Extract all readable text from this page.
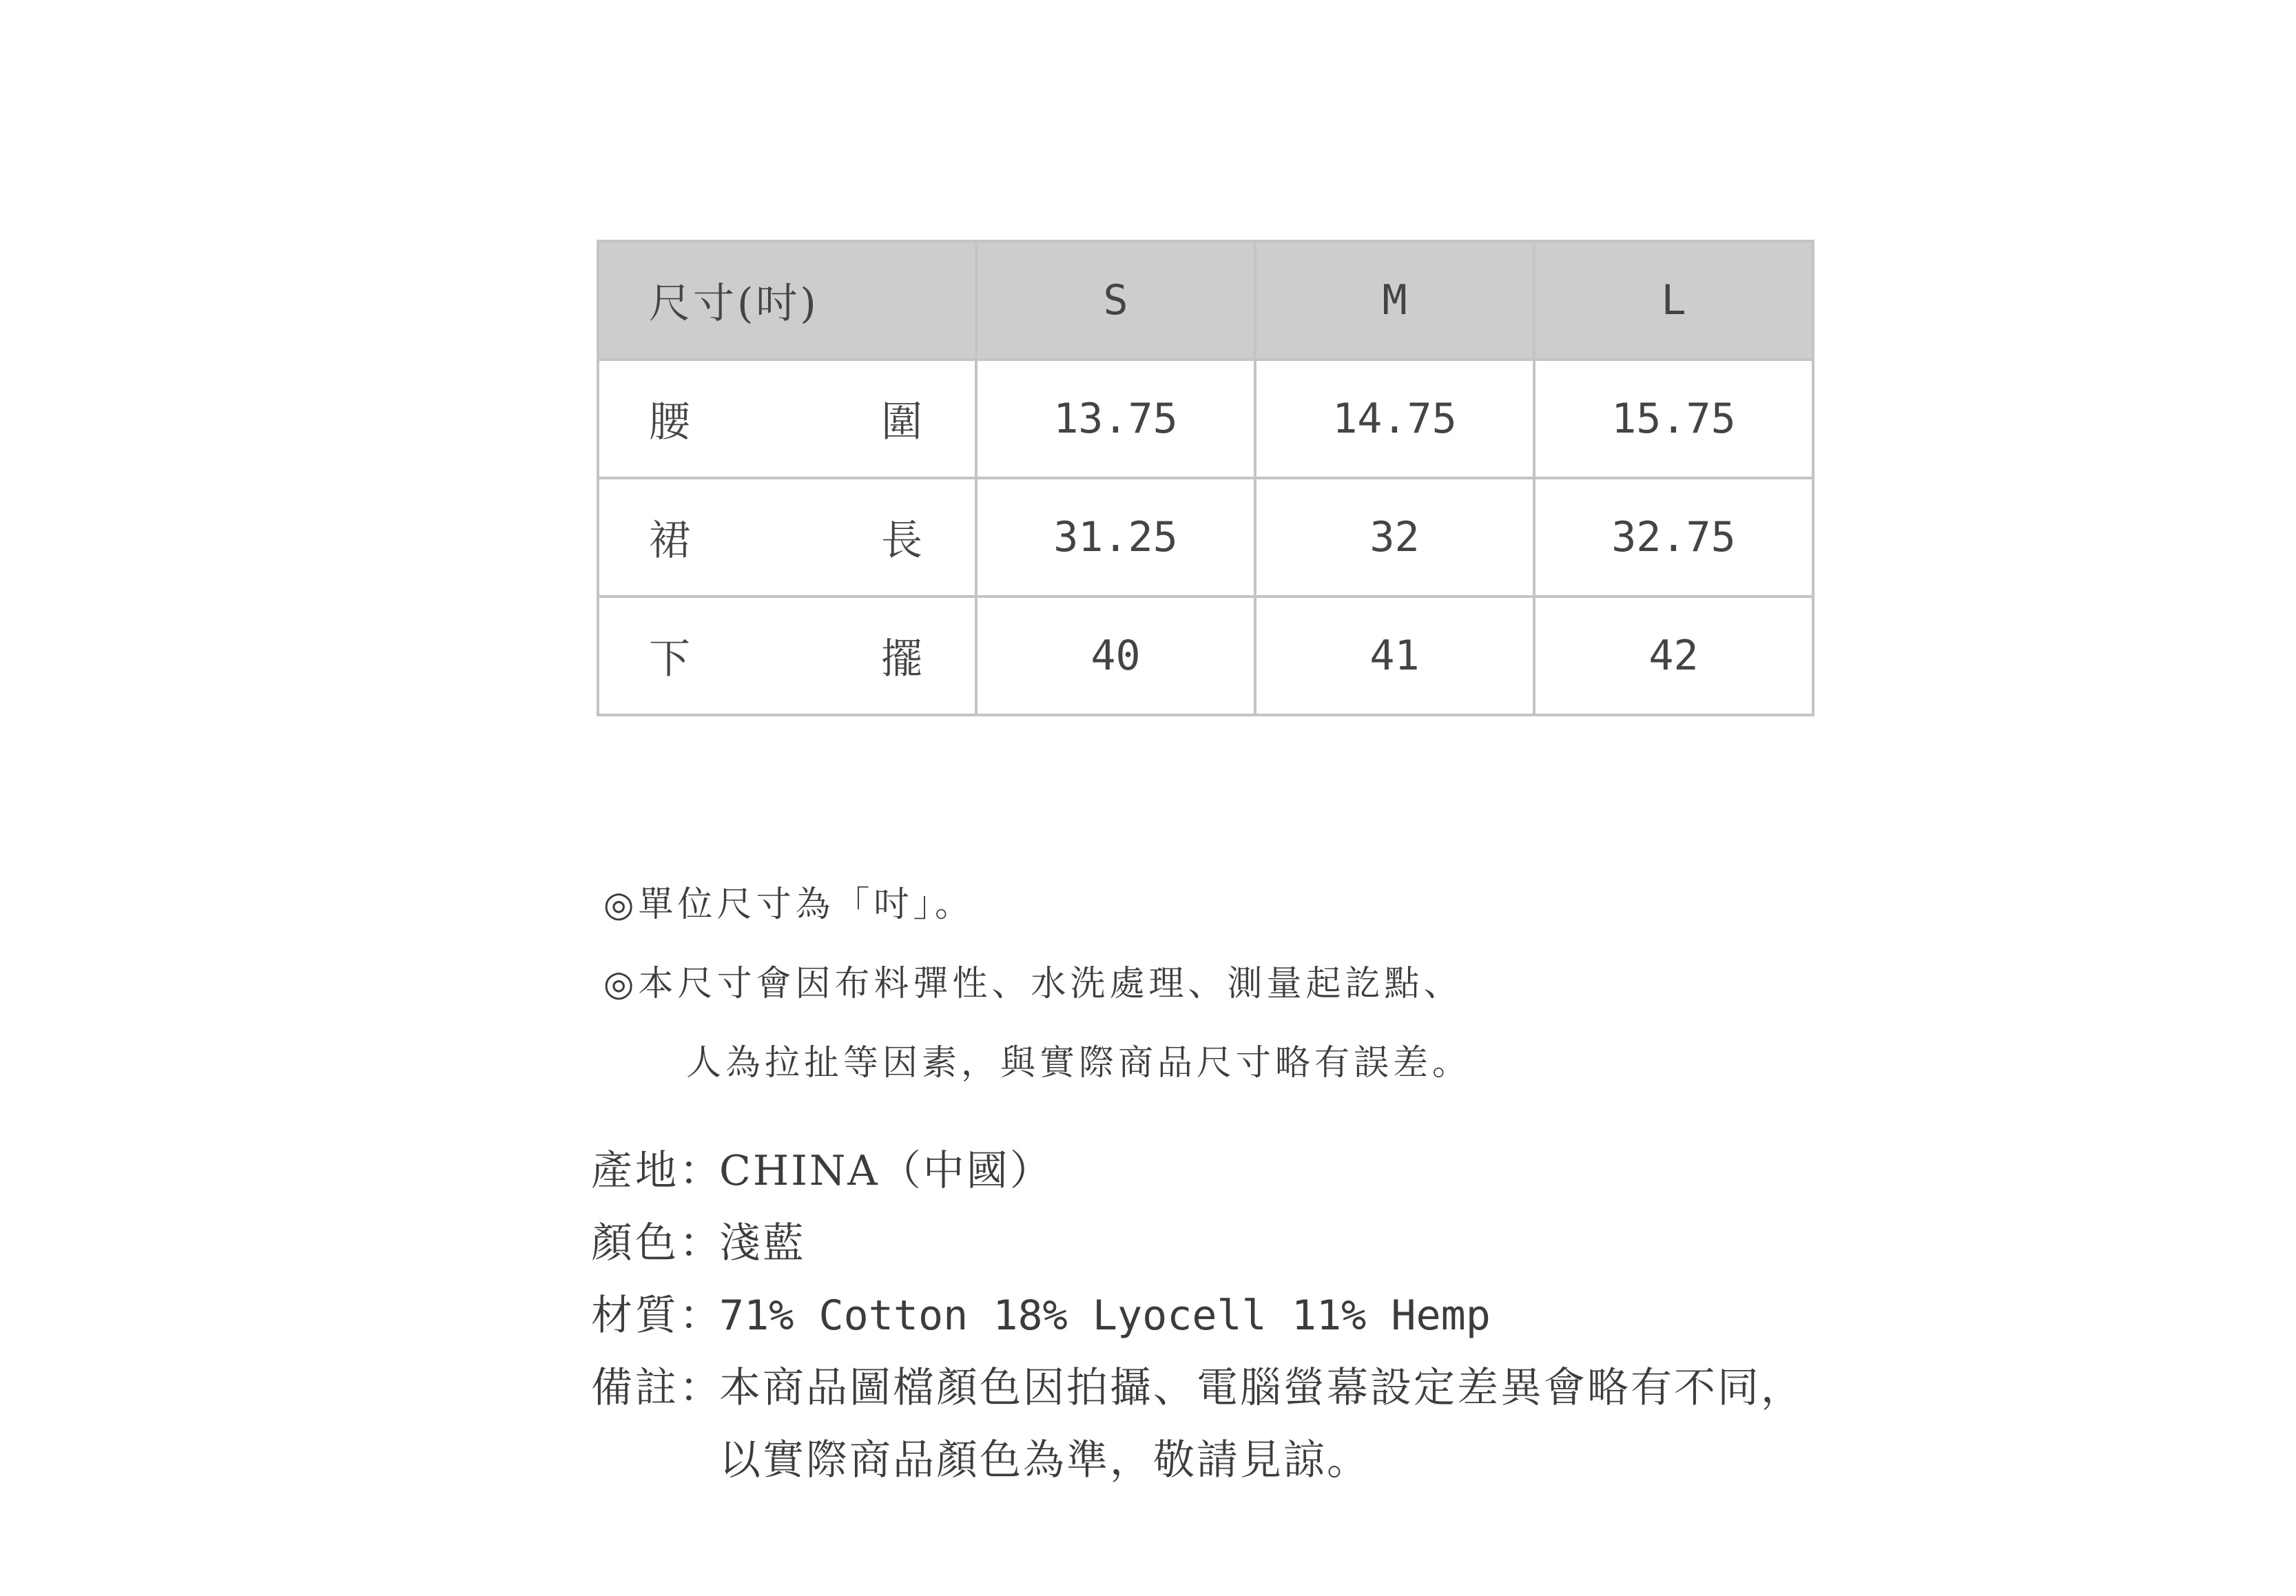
尺寸(吋)	S	M	L

腰 圍	13.75	14.75	15.75

裙 長	31.25	32	32.75

下 擺	40	41	42
◎單位尺寸為「吋」。
◎本尺寸會因布料彈性、水洗處理、測量起訖點、
人為拉扯等因素，與實際商品尺寸略有誤差。
產地：
CHINA（中國）
顏色：
淺藍
材質：
71% Cotton 18% Lyocell 11% Hemp
備註：
本商品圖檔顏色因拍攝、電腦螢幕設定差異會略有不同，
以實際商品顏色為準，敬請見諒。
